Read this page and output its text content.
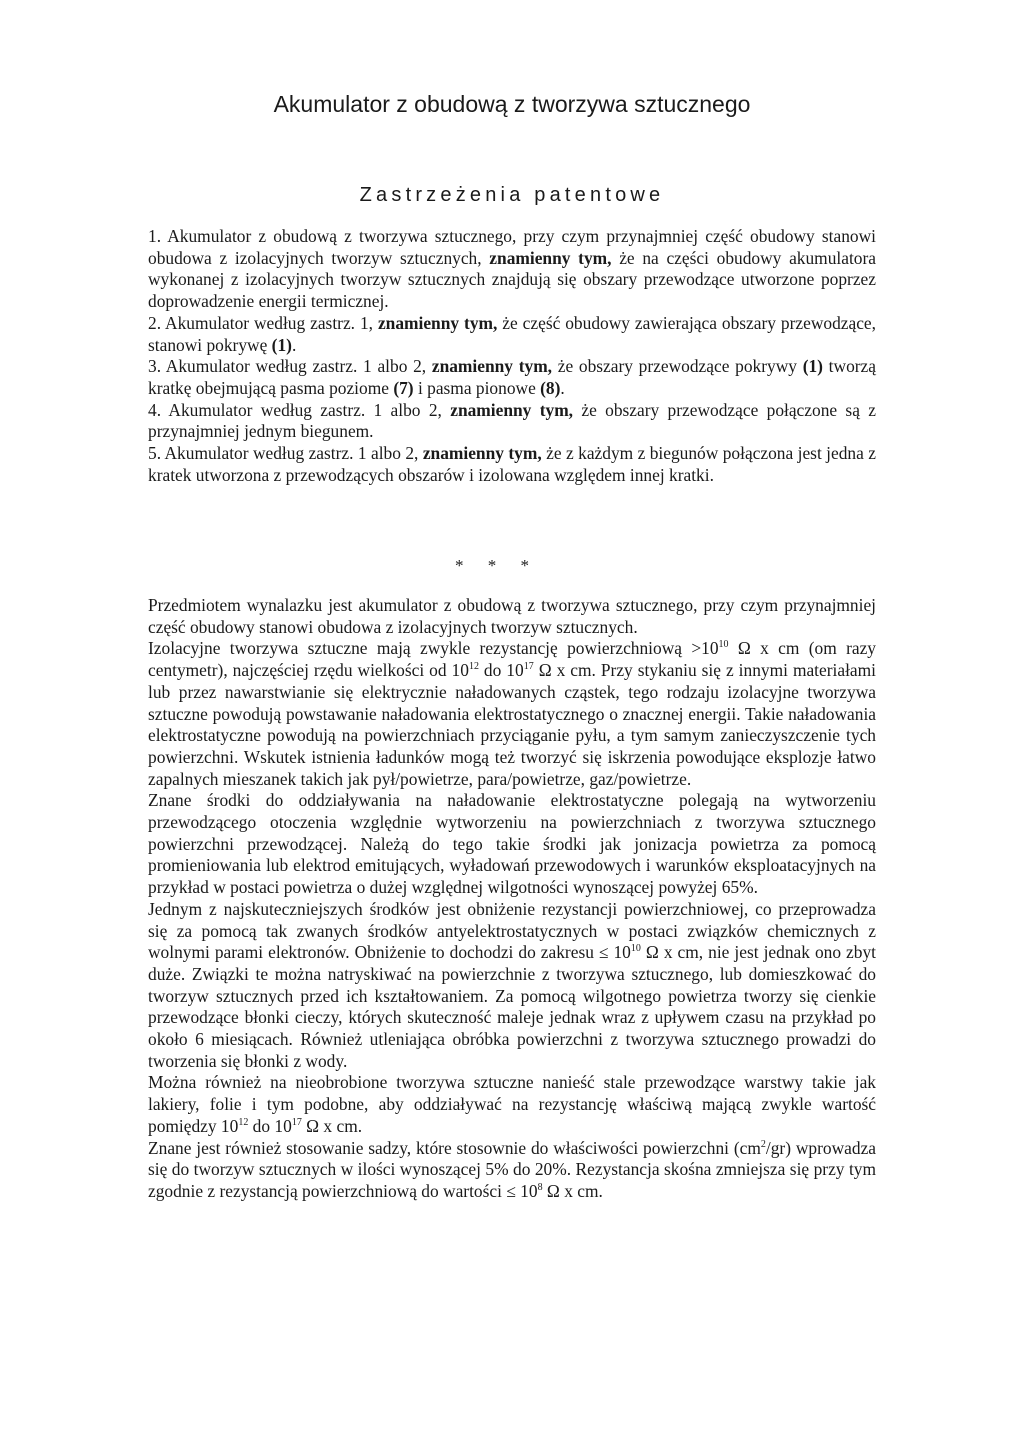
Akumulator z obudową z tworzywa sztucznego
Zastrzeżenia patentowe

1. Akumulator z obudową z tworzywa sztucznego, przy czym przynajmniej część obudowy stanowi obudowa z izolacyjnych tworzyw sztucznych, znamienny tym, że na części obudowy akumulatora wykonanej z izolacyjnych tworzyw sztucznych znajdują się obszary przewodzące utworzone poprzez doprowadzenie energii termicznej.

2. Akumulator według zastrz. 1, znamienny tym, że część obudowy zawierająca obszary przewodzące, stanowi pokrywę (1).

3. Akumulator według zastrz. 1 albo 2, znamienny tym, że obszary przewodzące pokrywy (1) tworzą kratkę obejmującą pasma poziome (7) i pasma pionowe (8).

4. Akumulator według zastrz. 1 albo 2, znamienny tym, że obszary przewodzące połączone są z przynajmniej jednym biegunem.

5. Akumulator według zastrz. 1 albo 2, znamienny tym, że z każdym z biegunów połączona jest jedna z kratek utworzona z przewodzących obszarów i izolowana względem innej kratki.

* * *

Przedmiotem wynalazku jest akumulator z obudową z tworzywa sztucznego, przy czym przynajmniej część obudowy stanowi obudowa z izolacyjnych tworzyw sztucznych.

Izolacyjne tworzywa sztuczne mają zwykle rezystancję powierzchniową $>10^{10}$ Ω x cm (om razy centymetr), najczęściej rzędu wielkości od $10^{12}$ do $10^{17}$ Ω x cm. Przy stykaniu się z innymi materiałami lub przez nawarstwianie się elektrycznie naładowanych cząstek, tego rodzaju izolacyjne tworzywa sztuczne powodują powstawanie naładowania elektrostatycznego o znacznej energii. Takie naładowania elektrostatyczne powodują na powierzchniach przyciąganie pyłu, a tym samym zanieczyszczenie tych powierzchni. Wskutek istnienia ładunków mogą też tworzyć się iskrzenia powodujące eksplozje łatwo zapalnych mieszanek takich jak pył/powietrze, para/powietrze, gaz/powietrze.

Znane środki do oddziaływania na naładowanie elektrostatyczne polegają na wytworzeniu przewodzącego otoczenia względnie wytworzeniu na powierzchniach z tworzywa sztucznego powierzchni przewodzącej. Należą do tego takie środki jak jonizacja powietrza za pomocą promieniowania lub elektrod emitujących, wyładowań przewodowych i warunków eksploatacyjnych na przykład w postaci powietrza o dużej względnej wilgotności wynoszącej powyżej 65%.

Jednym z najskuteczniejszych środków jest obniżenie rezystancji powierzchniowej, co przeprowadza się za pomocą tak zwanych środków antyelektrostatycznych w postaci związków chemicznych z wolnymi parami elektronów. Obniżenie to dochodzi do zakresu ≤ $10^{10}$ Ω x cm, nie jest jednak ono zbyt duże. Związki te można natryskiwać na powierzchnie z tworzywa sztucznego, lub domieszkować do tworzyw sztucznych przed ich kształtowaniem. Za pomocą wilgotnego powietrza tworzy się cienkie przewodzące błonki cieczy, których skuteczność maleje jednak wraz z upływem czasu na przykład po około 6 miesiącach. Również utleniająca obróbka powierzchni z tworzywa sztucznego prowadzi do tworzenia się błonki z wody.

Można również na nieobrobione tworzywa sztuczne nanieść stale przewodzące warstwy takie jak lakiery, folie i tym podobne, aby oddziaływać na rezystancję właściwą mającą zwykle wartość pomiędzy $10^{12}$ do $10^{17}$ Ω x cm.

Znane jest również stosowanie sadzy, które stosownie do właściwości powierzchni $(cm^2/gr)$ wprowadza się do tworzyw sztucznych w ilości wynoszącej 5% do 20%. Rezystancja skośna zmniejsza się przy tym zgodnie z rezystancją powierzchniową do wartości ≤ $10^8$ Ω x cm.
